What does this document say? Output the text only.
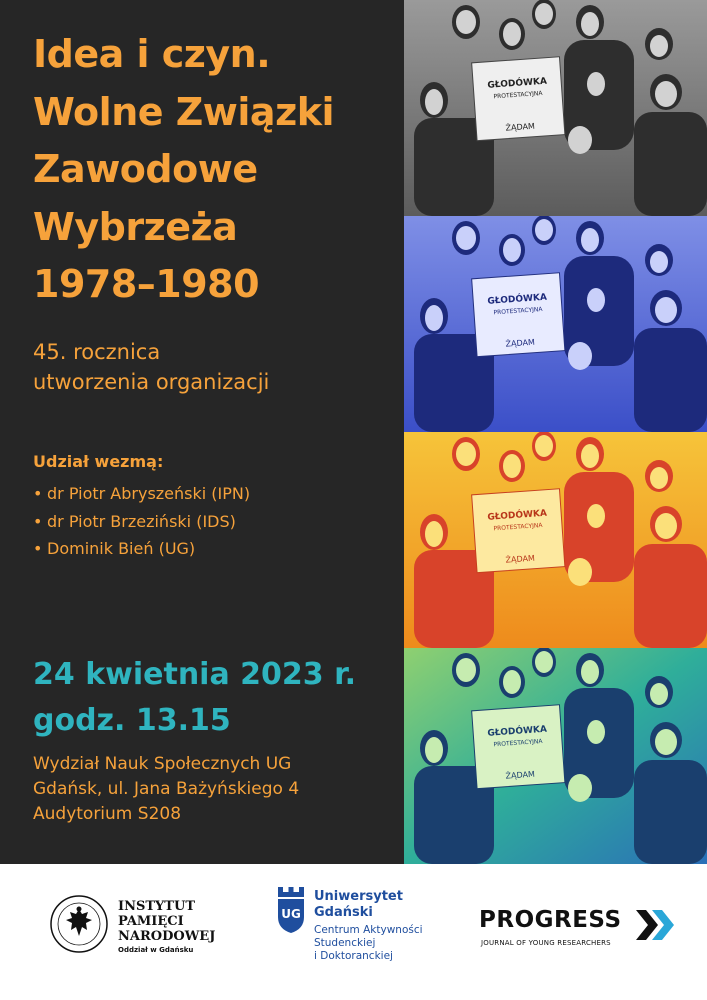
Idea i czyn.
Wolne Związki
Zawodowe
Wybrzeża
1978–1980
45. rocznica
utworzenia organizacji
Udział wezmą:
• dr Piotr Abryszeński (IPN)
• dr Piotr Brzeziński (IDS)
• Dominik Bień (UG)
24 kwietnia 2023 r.
godz. 13.15
Wydział Nauk Społecznych UG
Gdańsk, ul. Jana Bażyńskiego 4
Audytorium S208
GŁODÓWKA
PROTESTACYJNA
ŻĄDAM
GŁODÓWKA
PROTESTACYJNA
ŻĄDAM
GŁODÓWKA
PROTESTACYJNA
ŻĄDAM
GŁODÓWKA
PROTESTACYJNA
ŻĄDAM
INSTYTUT
PAMIĘCI
NARODOWEJ
Oddział w Gdańsku
UG
Uniwersytet
Gdański
Centrum Aktywności
Studenckiej
i Doktoranckiej
PROGRESS
JOURNAL OF YOUNG RESEARCHERS
